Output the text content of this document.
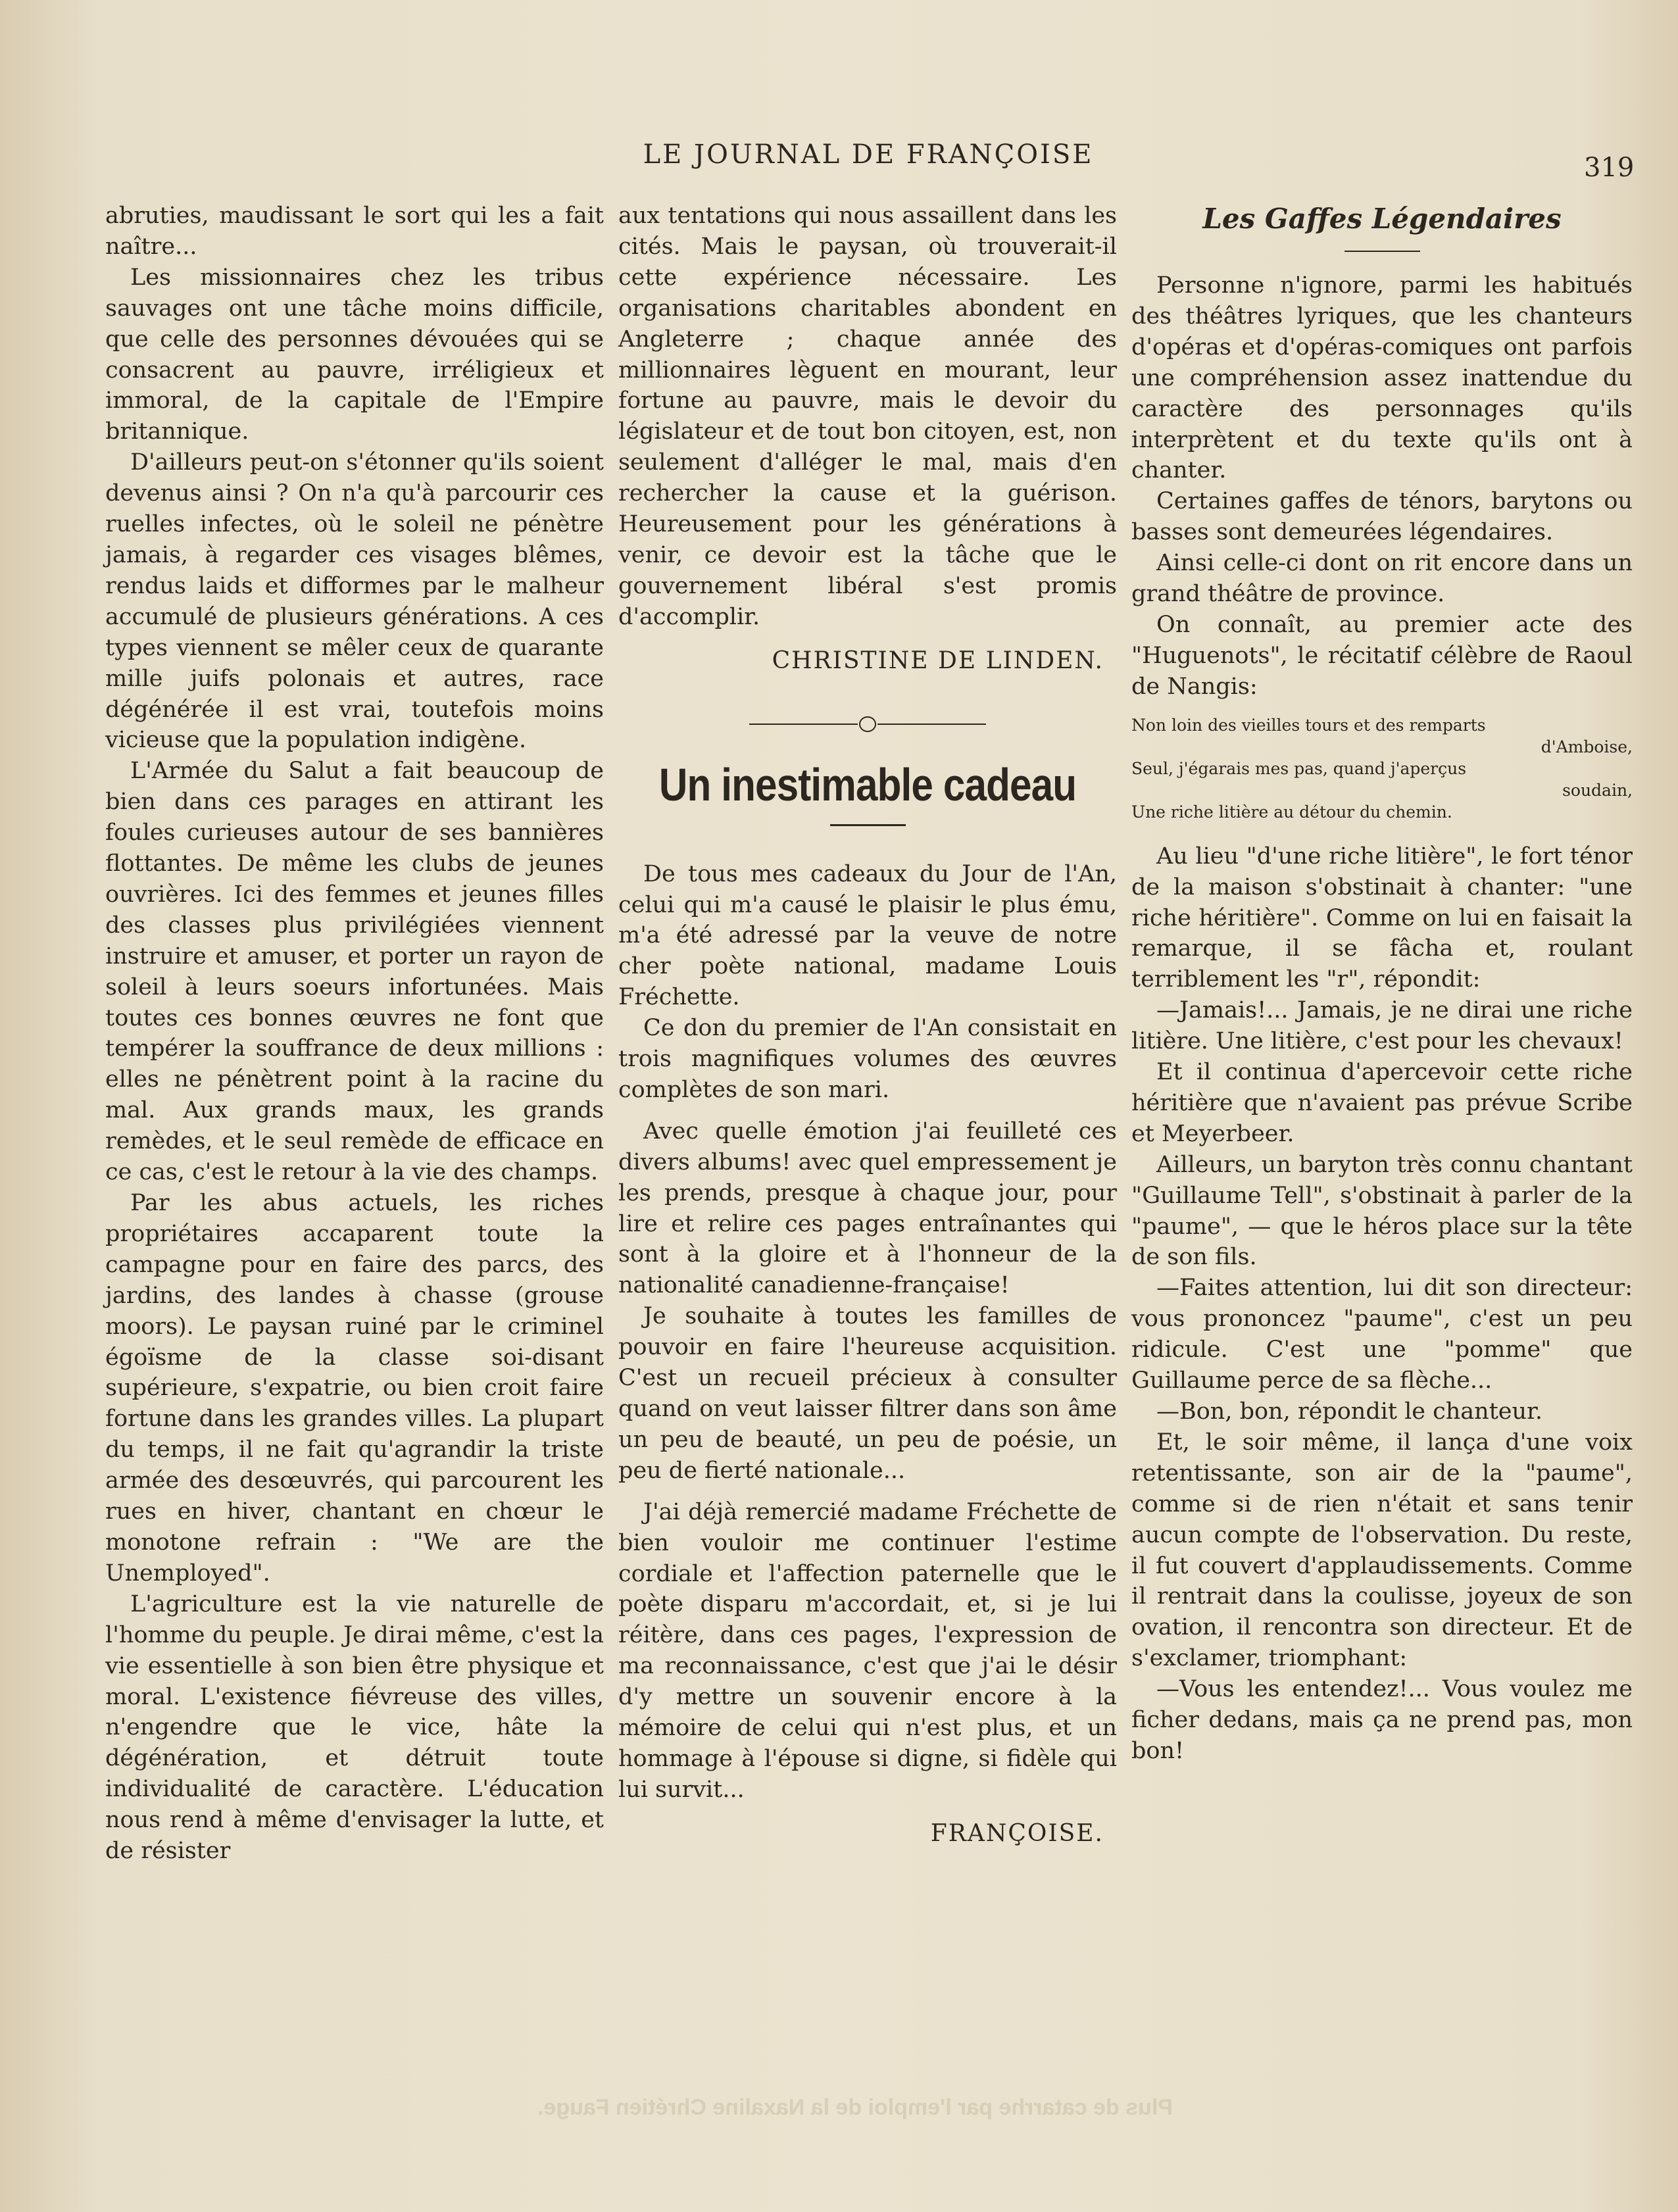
LE JOURNAL DE FRANÇOISE	319

abruties, maudissant le sort qui les a fait naître...

Les missionnaires chez les tribus sauvages ont une tâche moins difficile, que celle des personnes dévouées qui se consacrent au pauvre, irréligieux et immoral, de la capitale de l'Empire britannique.

D'ailleurs peut-on s'étonner qu'ils soient devenus ainsi ? On n'a qu'à parcourir ces ruelles infectes, où le soleil ne pénètre jamais, à regarder ces visages blêmes, rendus laids et difformes par le malheur accumulé de plusieurs générations. A ces types viennent se mêler ceux de quarante mille juifs polonais et autres, race dégénérée il est vrai, toutefois moins vicieuse que la population indigène.

L'Armée du Salut a fait beaucoup de bien dans ces parages en attirant les foules curieuses autour de ses bannières flottantes. De même les clubs de jeunes ouvrières. Ici des femmes et jeunes filles des classes plus privilégiées viennent instruire et amuser, et porter un rayon de soleil à leurs soeurs infortunées. Mais toutes ces bonnes œuvres ne font que tempérer la souffrance de deux millions : elles ne pénètrent point à la racine du mal. Aux grands maux, les grands remèdes, et le seul remède de efficace en ce cas, c'est le retour à la vie des champs.

Par les abus actuels, les riches propriétaires accaparent toute la campagne pour en faire des parcs, des jardins, des landes à chasse (grouse moors). Le paysan ruiné par le criminel égoïsme de la classe soi-disant supérieure, s'expatrie, ou bien croit faire fortune dans les grandes villes. La plupart du temps, il ne fait qu'agrandir la triste armée des desœuvrés, qui parcourent les rues en hiver, chantant en chœur le monotone refrain : "We are the Unemployed".

L'agriculture est la vie naturelle de l'homme du peuple. Je dirai même, c'est la vie essentielle à son bien être physique et moral. L'existence fiévreuse des villes, n'engendre que le vice, hâte la dégénération, et détruit toute individualité de caractère. L'éducation nous rend à même d'envisager la lutte, et de résister

aux tentations qui nous assaillent dans les cités. Mais le paysan, où trouverait-il cette expérience nécessaire. Les organisations charitables abondent en Angleterre ; chaque année des millionnaires lèguent en mourant, leur fortune au pauvre, mais le devoir du législateur et de tout bon citoyen, est, non seulement d'alléger le mal, mais d'en rechercher la cause et la guérison. Heureusement pour les générations à venir, ce devoir est la tâche que le gouvernement libéral s'est promis d'accomplir.

CHRISTINE DE LINDEN.
Un inestimable cadeau

De tous mes cadeaux du Jour de l'An, celui qui m'a causé le plaisir le plus ému, m'a été adressé par la veuve de notre cher poète national, madame Louis Fréchette.

Ce don du premier de l'An consistait en trois magnifiques volumes des œuvres complètes de son mari.

Avec quelle émotion j'ai feuilleté ces divers albums! avec quel empressement je les prends, presque à chaque jour, pour lire et relire ces pages entraînantes qui sont à la gloire et à l'honneur de la nationalité canadienne-française!

Je souhaite à toutes les familles de pouvoir en faire l'heureuse acquisition. C'est un recueil précieux à consulter quand on veut laisser filtrer dans son âme un peu de beauté, un peu de poésie, un peu de fierté nationale...

J'ai déjà remercié madame Fréchette de bien vouloir me continuer l'estime cordiale et l'affection paternelle que le poète disparu m'accordait, et, si je lui réitère, dans ces pages, l'expression de ma reconnaissance, c'est que j'ai le désir d'y mettre un souvenir encore à la mémoire de celui qui n'est plus, et un hommage à l'épouse si digne, si fidèle qui lui survit...

FRANÇOISE.
Les Gaffes Légendaires

Personne n'ignore, parmi les habitués des théâtres lyriques, que les chanteurs d'opéras et d'opéras-comiques ont parfois une compréhension assez inattendue du caractère des personnages qu'ils interprètent et du texte qu'ils ont à chanter.

Certaines gaffes de ténors, barytons ou basses sont demeurées légendaires.

Ainsi celle-ci dont on rit encore dans un grand théâtre de province.

On connaît, au premier acte des "Huguenots", le récitatif célèbre de Raoul de Nangis:

Non loin des vieilles tours et des remparts
d'Amboise,
Seul, j'égarais mes pas, quand j'aperçus
soudain,
Une riche litière au détour du chemin.

Au lieu "d'une riche litière", le fort ténor de la maison s'obstinait à chanter: "une riche héritière". Comme on lui en faisait la remarque, il se fâcha et, roulant terriblement les "r", répondit:

—Jamais!... Jamais, je ne dirai une riche litière. Une litière, c'est pour les chevaux!

Et il continua d'apercevoir cette riche héritière que n'avaient pas prévue Scribe et Meyerbeer.

Ailleurs, un baryton très connu chantant "Guillaume Tell", s'obstinait à parler de la "paume", — que le héros place sur la tête de son fils.

—Faites attention, lui dit son directeur: vous prononcez "paume", c'est un peu ridicule. C'est une "pomme" que Guillaume perce de sa flèche...

—Bon, bon, répondit le chanteur.

Et, le soir même, il lança d'une voix retentissante, son air de la "paume", comme si de rien n'était et sans tenir aucun compte de l'observation. Du reste, il fut couvert d'applaudissements. Comme il rentrait dans la coulisse, joyeux de son ovation, il rencontra son directeur. Et de s'exclamer, triomphant:

—Vous les entendez!... Vous voulez me ficher dedans, mais ça ne prend pas, mon bon!

Plus de catarrhe par l'emploi de la Naxaline Chrétien Fauge.
